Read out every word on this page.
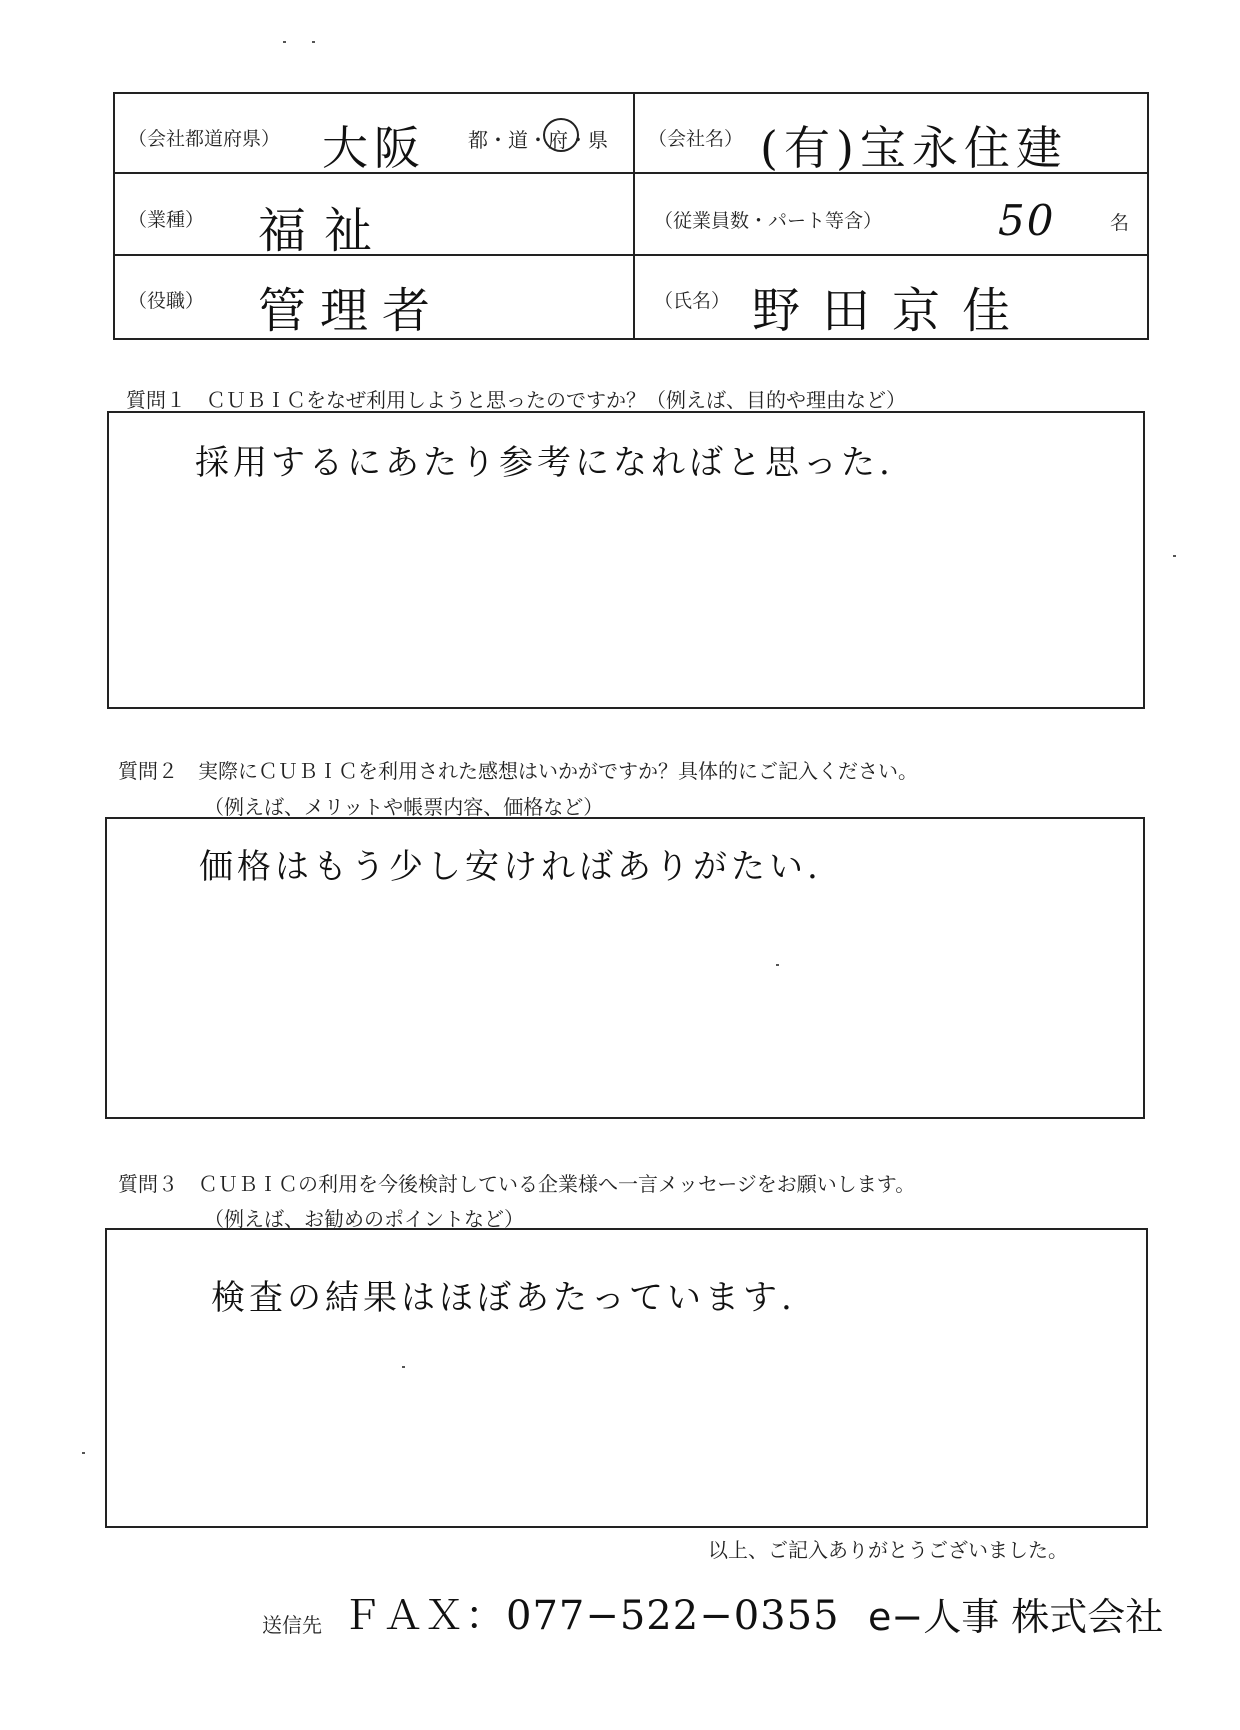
（会社都道府県） 大阪 都・道・府・県 （会社名） (有)宝永住建
（業種） 福祉	（従業員数・パート等含）	50	名
（役職） 管理者	（氏名） 野田京佳
質問１　ＣＵＢＩＣをなぜ利用しようと思ったのですか？（例えば、目的や理由など）
採用するにあたり参考になればと思った.
質問２　実際にＣＵＢＩＣを利用された感想はいかがですか？具体的にご記入ください。
（例えば、メリットや帳票内容、価格など）
価格はもう少し安ければありがたい.
質問３　ＣＵＢＩＣの利用を今後検討している企業様へ一言メッセージをお願いします。
（例えば、お勧めのポイントなど）
検査の結果はほぼあたっています.
以上、ご記入ありがとうございました。
送信先 ＦＡＸ：077−522−0355 e−人事 株式会社
